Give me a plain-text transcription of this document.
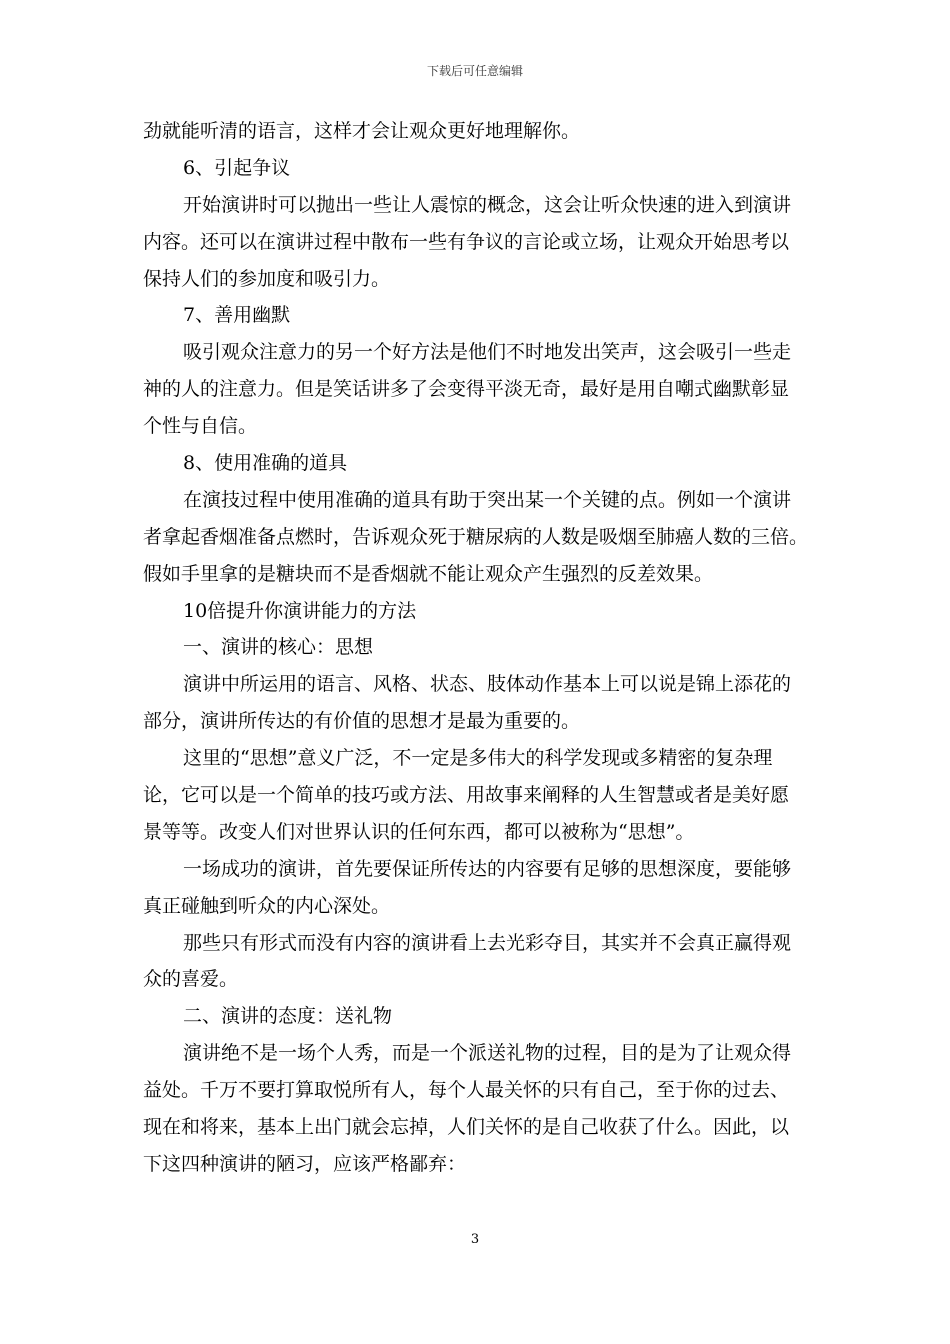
下载后可任意编辑
劲就能听清的语言，这样才会让观众更好地理解你。
6、引起争议
开始演讲时可以抛出一些让人震惊的概念，这会让听众快速的进入到演讲
内容。还可以在演讲过程中散布一些有争议的言论或立场，让观众开始思考以
保持人们的参加度和吸引力。
7、善用幽默
吸引观众注意力的另一个好方法是他们不时地发出笑声，这会吸引一些走
神的人的注意力。但是笑话讲多了会变得平淡无奇，最好是用自嘲式幽默彰显
个性与自信。
8、使用准确的道具
在演技过程中使用准确的道具有助于突出某一个关键的点。例如一个演讲
者拿起香烟准备点燃时，告诉观众死于糖尿病的人数是吸烟至肺癌人数的三倍。
假如手里拿的是糖块而不是香烟就不能让观众产生强烈的反差效果。
10倍提升你演讲能力的方法
一、演讲的核心：思想
演讲中所运用的语言、风格、状态、肢体动作基本上可以说是锦上添花的
部分，演讲所传达的有价值的思想才是最为重要的。
这里的“思想”意义广泛，不一定是多伟大的科学发现或多精密的复杂理
论，它可以是一个简单的技巧或方法、用故事来阐释的人生智慧或者是美好愿
景等等。改变人们对世界认识的任何东西，都可以被称为“思想”。
一场成功的演讲，首先要保证所传达的内容要有足够的思想深度，要能够
真正碰触到听众的内心深处。
那些只有形式而没有内容的演讲看上去光彩夺目，其实并不会真正赢得观
众的喜爱。
二、演讲的态度：送礼物
演讲绝不是一场个人秀，而是一个派送礼物的过程，目的是为了让观众得
益处。千万不要打算取悦所有人，每个人最关怀的只有自己，至于你的过去、
现在和将来，基本上出门就会忘掉，人们关怀的是自己收获了什么。因此，以
下这四种演讲的陋习，应该严格鄙弃：
3
